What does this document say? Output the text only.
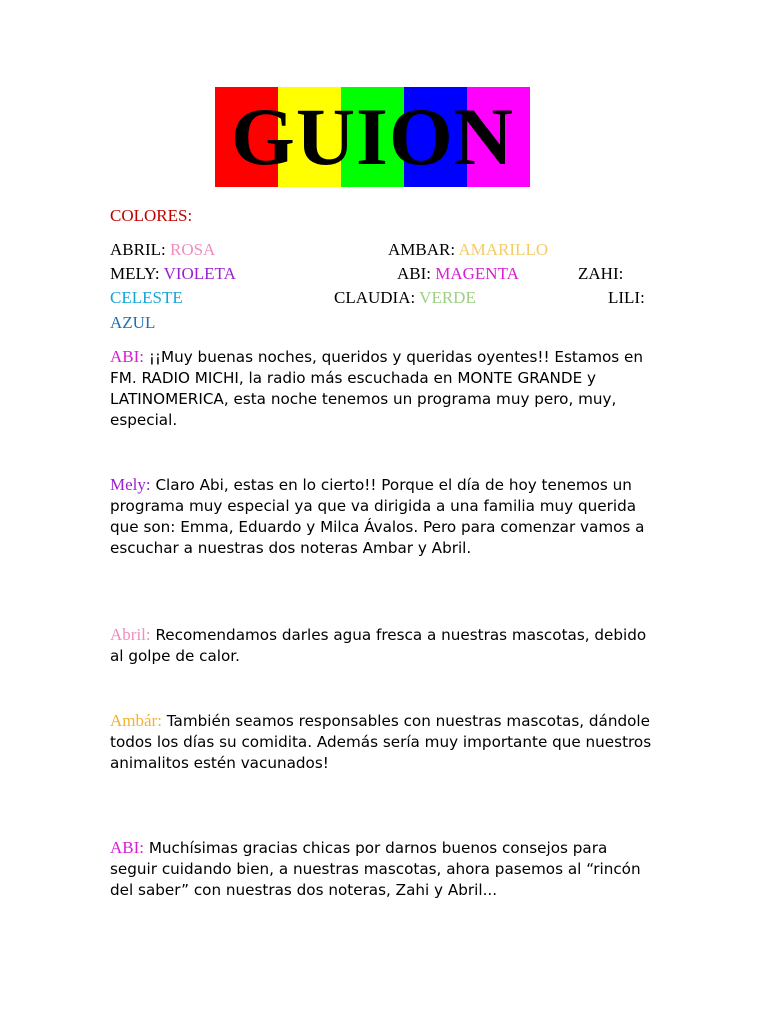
GUION
COLORES:
ABRIL: ROSA	AMBAR: AMARILLO
MELY: VIOLETA	ABI: MAGENTA	ZAHI:
CELESTE	CLAUDIA: VERDE	LILI:
AZUL
ABI: ¡¡Muy buenas noches, queridos y queridas oyentes!! Estamos en FM. RADIO MICHI, la radio más escuchada en MONTE GRANDE y LATINOMERICA, esta noche tenemos un programa muy pero, muy, especial.
Mely: Claro Abi, estas en lo cierto!! Porque el día de hoy tenemos un programa muy especial ya que va dirigida a una familia muy querida que son: Emma, Eduardo y Milca Ávalos. Pero para comenzar vamos a escuchar a nuestras dos noteras Ambar y Abril.
Abril: Recomendamos darles agua fresca a nuestras mascotas, debido al golpe de calor.
Ambár: También seamos responsables con nuestras mascotas, dándole todos los días su comidita. Además sería muy importante que nuestros animalitos estén vacunados!
ABI: Muchísimas gracias chicas por darnos buenos consejos para seguir cuidando bien, a nuestras mascotas, ahora pasemos al “rincón del saber” con nuestras dos noteras, Zahi y Abril...
